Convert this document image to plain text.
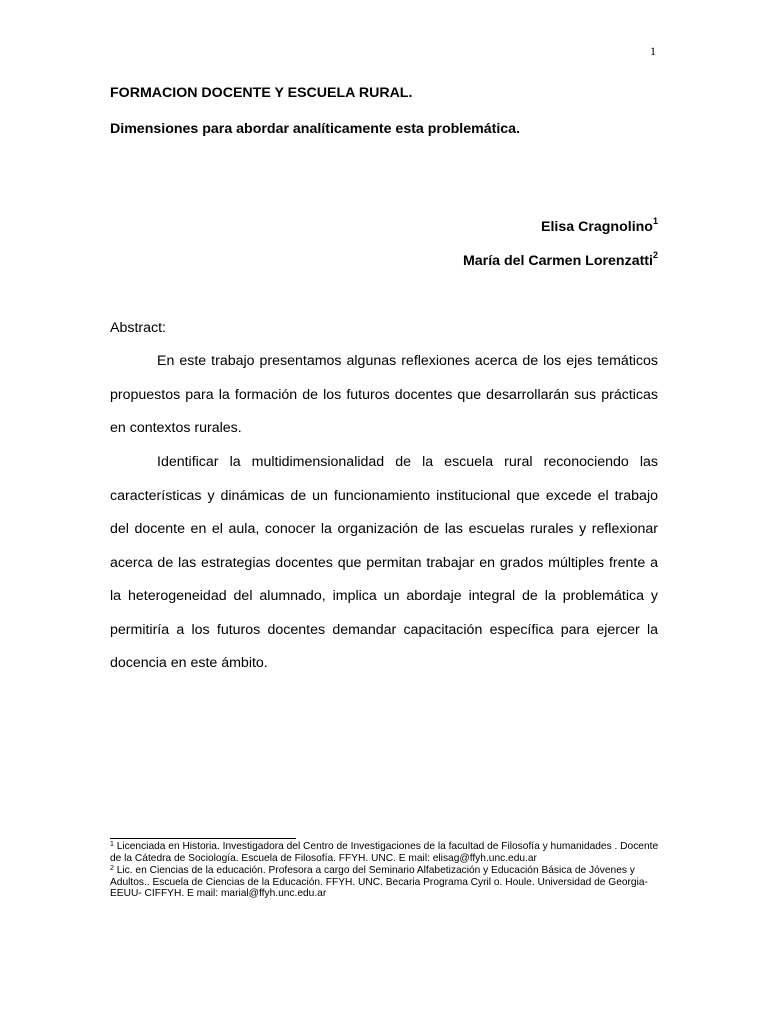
1
FORMACION DOCENTE Y ESCUELA RURAL.
Dimensiones para abordar analíticamente esta problemática.
Elisa Cragnolino$^1$
María del Carmen Lorenzatti$^2$
Abstract:

En este trabajo presentamos algunas reflexiones acerca de los ejes temáticos propuestos para la formación de los futuros docentes que desarrollarán sus prácticas en contextos rurales.

Identificar la multidimensionalidad de la escuela rural reconociendo las características y dinámicas de un funcionamiento institucional que excede el trabajo del docente en el aula, conocer la organización de las escuelas rurales y reflexionar acerca de las estrategias docentes que permitan trabajar en grados múltiples frente a la heterogeneidad del alumnado, implica un abordaje integral de la problemática y permitiría a los futuros docentes demandar capacitación específica para ejercer la docencia en este ámbito.

$^1$ Licenciada en Historia. Investigadora del Centro de Investigaciones de la facultad de Filosofía y humanidades . Docente de la Cátedra de Sociología. Escuela de Filosofía. FFYH. UNC. E mail: elisag@ffyh.unc.edu.ar

$^2$ Lic. en Ciencias de la educación. Profesora a cargo del Seminario Alfabetización y Educación Básica de Jóvenes y Adultos.. Escuela de Ciencias de la Educación. FFYH. UNC. Becaria Programa Cyril o. Houle. Universidad de Georgia-EEUU- CIFFYH. E mail: marial@ffyh.unc.edu.ar
